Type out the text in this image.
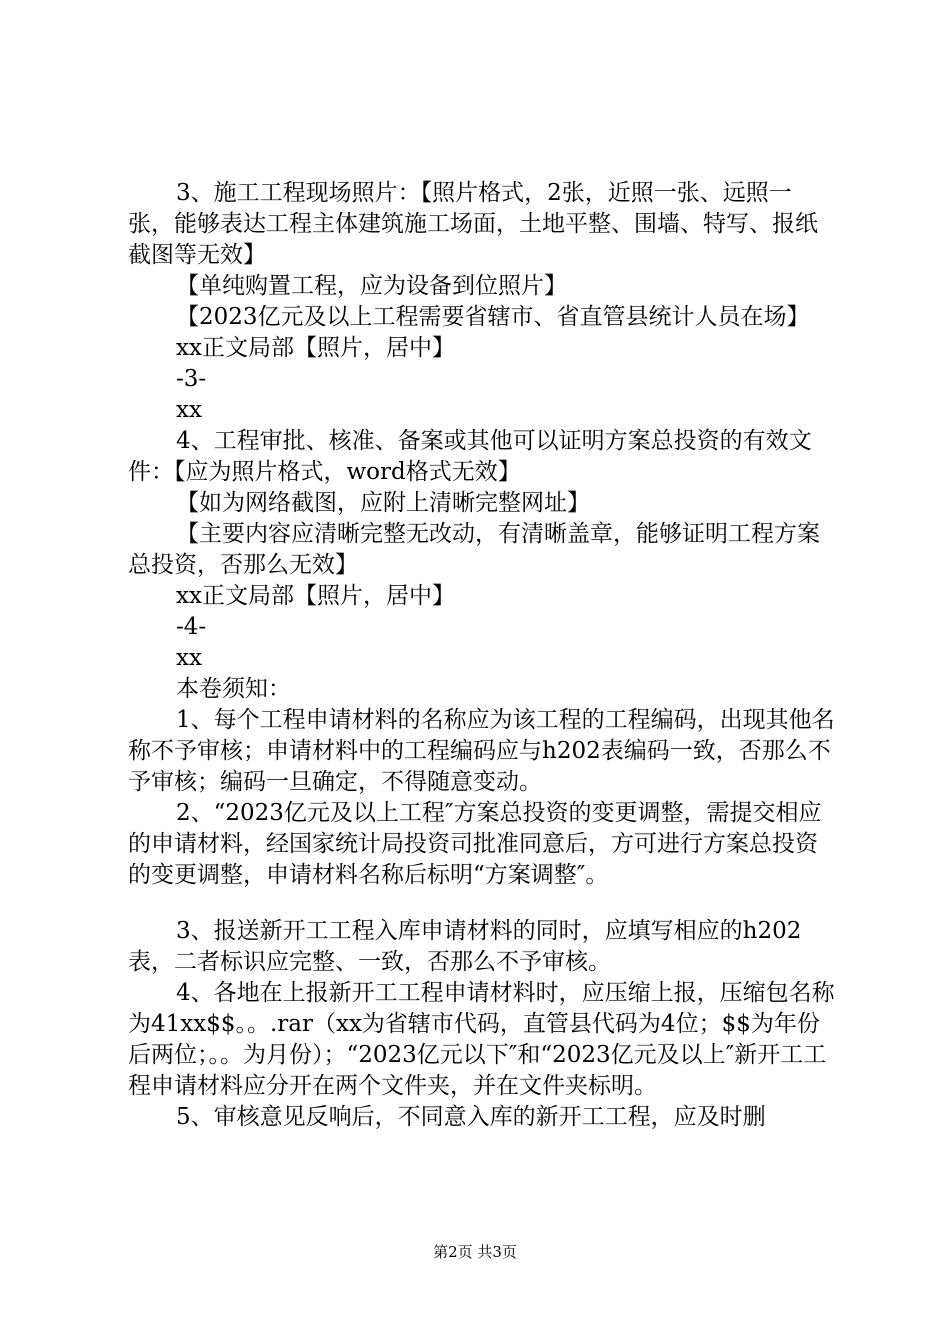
3、施工工程现场照片：【照片格式，2张，近照一张、远照一张，能够表达工程主体建筑施工场面，土地平整、围墙、特写、报纸截图等无效】

【单纯购置工程，应为设备到位照片】

【2023亿元及以上工程需要省辖市、省直管县统计人员在场】

xx正文局部【照片，居中】

-3-

xx

4、工程审批、核准、备案或其他可以证明方案总投资的有效文件：【应为照片格式，word格式无效】

【如为网络截图，应附上清晰完整网址】

【主要内容应清晰完整无改动，有清晰盖章，能够证明工程方案总投资，否那么无效】

xx正文局部【照片，居中】

-4-

xx

本卷须知：

1、每个工程申请材料的名称应为该工程的工程编码，出现其他名称不予审核；申请材料中的工程编码应与h202表编码一致，否那么不予审核；编码一旦确定，不得随意变动。

2、“2023亿元及以上工程″方案总投资的变更调整，需提交相应的申请材料，经国家统计局投资司批准同意后，方可进行方案总投资的变更调整，申请材料名称后标明“方案调整″。

3、报送新开工工程入库申请材料的同时，应填写相应的h202表，二者标识应完整、一致，否那么不予审核。

4、各地在上报新开工工程申请材料时，应压缩上报，压缩包名称为41xx$$。。.rar（xx为省辖市代码，直管县代码为4位；$$为年份后两位；。。为月份）；“2023亿元以下″和“2023亿元及以上″新开工工程申请材料应分开在两个文件夹，并在文件夹标明。

5、审核意见反响后，不同意入库的新开工工程，应及时删

第2页 共3页
